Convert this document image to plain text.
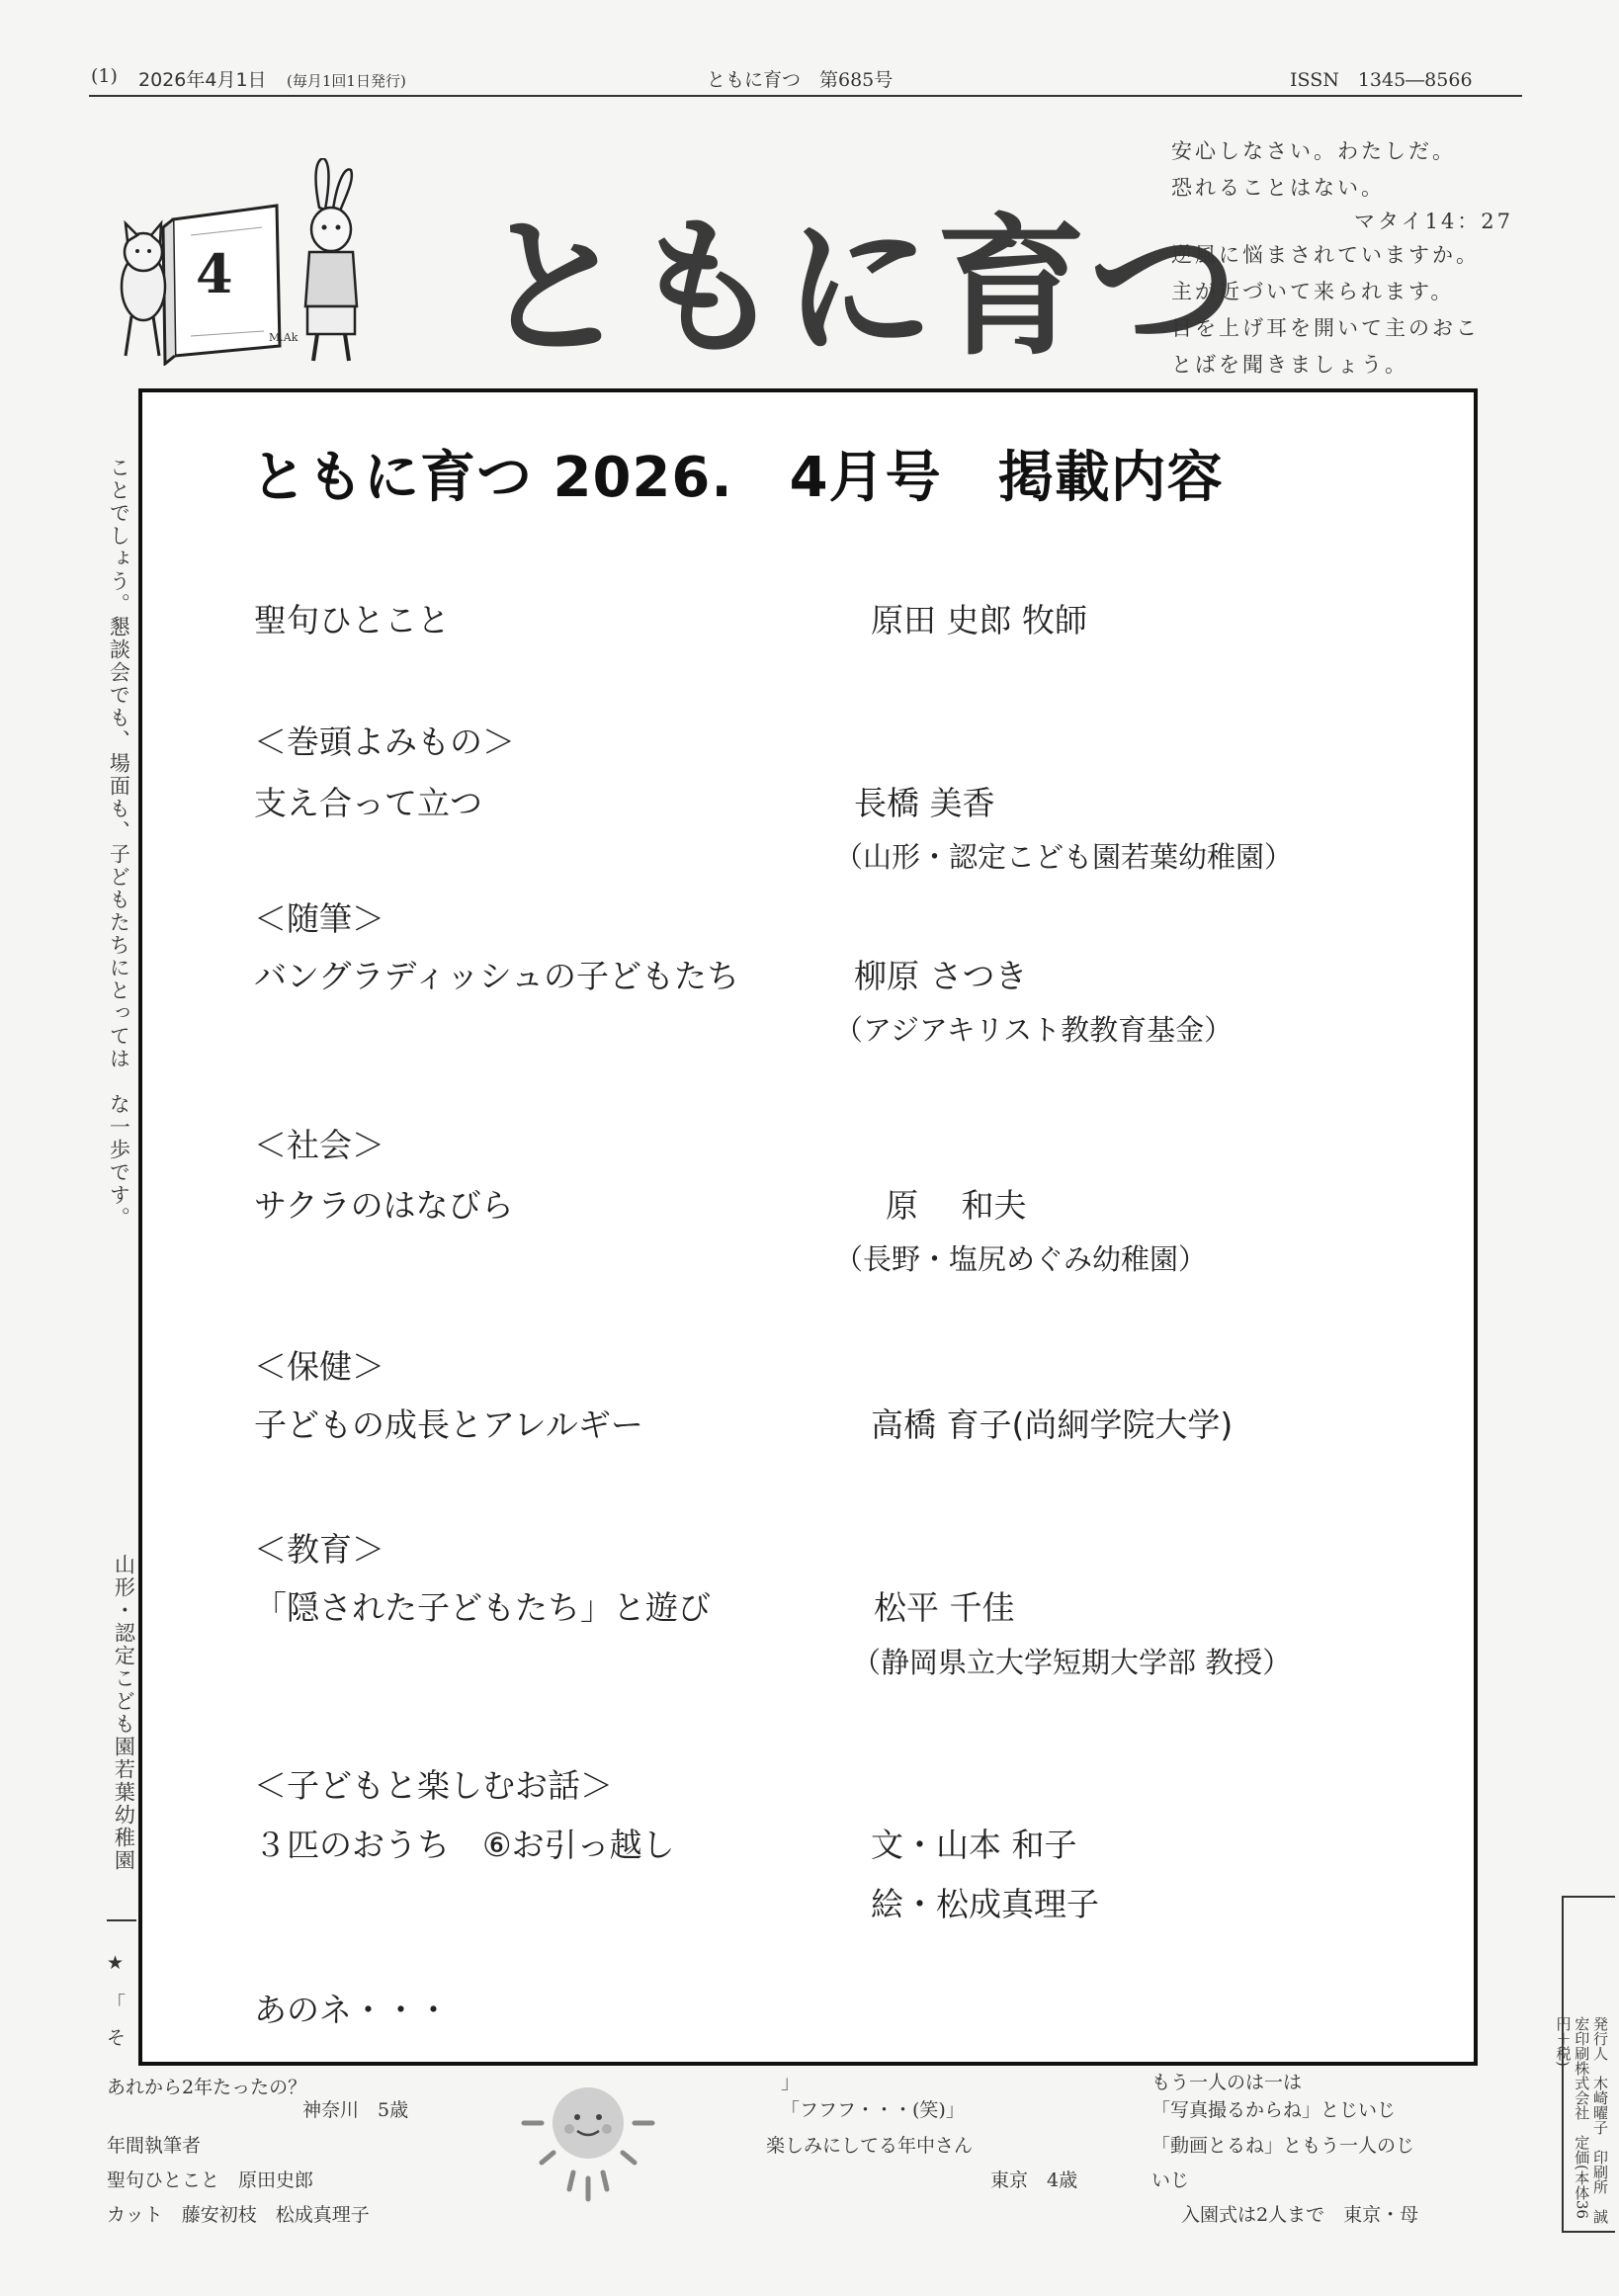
(1) 2026年4月1日 (毎月1回1日発行)	ともに育つ　第685号	ISSN　1345―8566
M.Ak
4 ともに育つ
安心しなさい。わたしだ。
恐れることはない。
マタイ14：27
逆風に悩まされていますか。
主が近づいて来られます。
目を上げ耳を開いて主のおこ
とばを聞きましょう。
ことでしょう。懇談会でも、場面も、子どもたちにとっては　な一歩です。
山形・認定こども園若葉幼稚園
ともに育つ 2026.　4月号　掲載内容
聖句ひとこと	原田 史郎 牧師
＜巻頭よみもの＞
支え合って立つ	長橋 美香
（山形・認定こども園若葉幼稚園）
＜随筆＞
バングラディッシュの子どもたち	柳原 さつき
（アジアキリスト教教育基金）
＜社会＞
サクラのはなびら	原　 和夫
（長野・塩尻めぐみ幼稚園）
＜保健＞
子どもの成長とアレルギー	高橋 育子(尚絅学院大学)
＜教育＞
「隠された子どもたち」と遊び	松平 千佳
（静岡県立大学短期大学部 教授）
＜子どもと楽しむお話＞
３匹のおうち　⑥お引っ越し	文・山本 和子
絵・松成真理子
あのネ・・・
★
「
そ
あれから2年たったの？
神奈川　5歳
年間執筆者
聖句ひとこと　原田史郎
カット　藤安初枝　松成真理子
」
「フフフ・・・(笑)」
楽しみにしてる年中さん
東京　4歳
もう一人のは一は
「写真撮るからね」とじいじ
「動画とるね」ともう一人のじ
いじ
入園式は2人まで　東京・母	発行人　木崎曜子　印刷所　誠宏印刷株式会社　定価(本体36円＋税)
